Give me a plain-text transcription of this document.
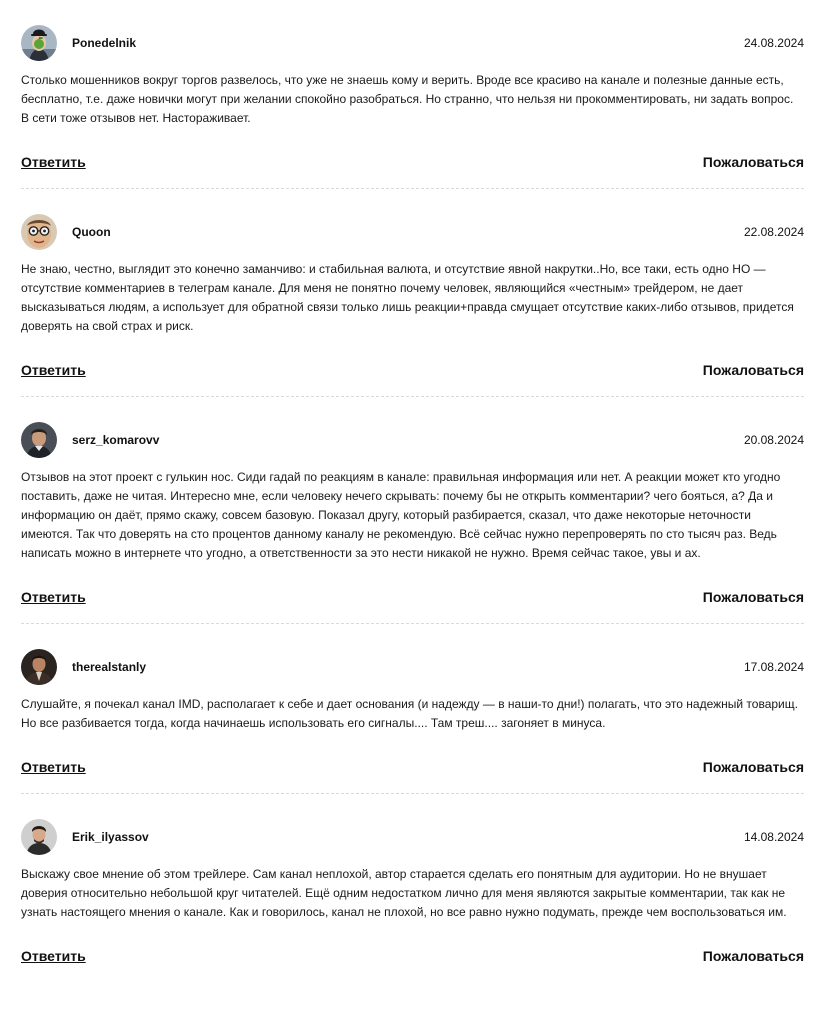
Ponedelnik	24.08.2024

Столько мошенников вокруг торгов развелось, что уже не знаешь кому и верить. Вроде все красиво на канале и полезные данные есть, бесплатно, т.е. даже новички могут при желании спокойно разобраться. Но странно, что нельзя ни прокомментировать, ни задать вопрос. В сети тоже отзывов нет. Настораживает.

Ответить	Пожаловаться
Quoon	22.08.2024

Не знаю, честно, выглядит это конечно заманчиво: и стабильная валюта, и отсутствие явной накрутки..Но, все таки, есть одно НО — отсутствие комментариев в телеграм канале. Для меня не понятно почему человек, являющийся «честным» трейдером, не дает высказываться людям, а использует для обратной связи только лишь реакции+правда смущает отсутствие каких-либо отзывов, придется доверять на свой страх и риск.

Ответить	Пожаловаться
serz_komarovv	20.08.2024

Отзывов на этот проект с гулькин нос. Сиди гадай по реакциям в канале: правильная информация или нет. А реакции может кто угодно поставить, даже не читая. Интересно мне, если человеку нечего скрывать: почему бы не открыть комментарии? чего бояться, а? Да и информацию он даёт, прямо скажу, совсем базовую. Показал другу, который разбирается, сказал, что даже некоторые неточности имеются. Так что доверять на сто процентов данному каналу не рекомендую. Всё сейчас нужно перепроверять по сто тысяч раз. Ведь написать можно в интернете что угодно, а ответственности за это нести никакой не нужно. Время сейчас такое, увы и ах.

Ответить	Пожаловаться
therealstanly	17.08.2024

Слушайте, я почекал канал IMD, располагает к себе и дает основания (и надежду — в наши-то дни!) полагать, что это надежный товарищ. Но все разбивается тогда, когда начинаешь использовать его сигналы.... Там треш.... загоняет в минуса.

Ответить	Пожаловаться
Erik_ilyassov	14.08.2024

Выскажу свое мнение об этом трейлере. Сам канал неплохой, автор старается сделать его понятным для аудитории. Но не внушает доверия относительно небольшой круг читателей. Ещё одним недостатком лично для меня являются закрытые комментарии, так как не узнать настоящего мнения о канале. Как и говорилось, канал не плохой, но все равно нужно подумать, прежде чем воспользоваться им.

Ответить	Пожаловаться
